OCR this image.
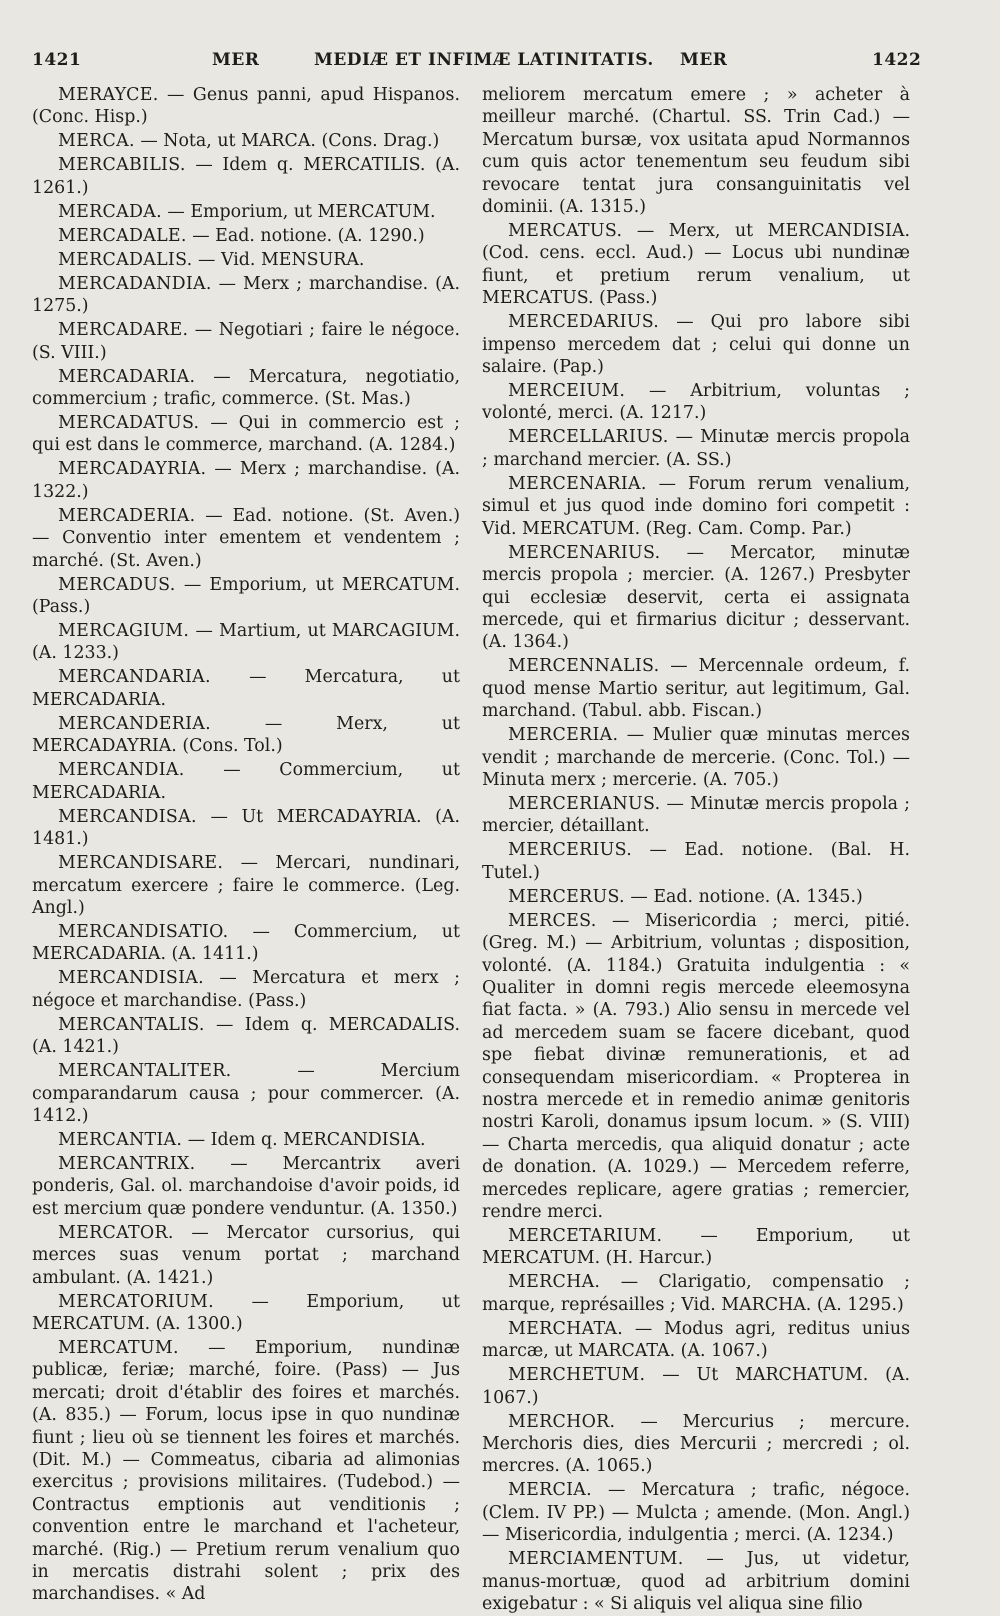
1421	MER	MEDIÆ ET INFIMÆ LATINITATIS. MER	1422

MERAYCE. — Genus panni, apud Hispanos. (Conc. Hisp.)

MERCA. — Nota, ut MARCA. (Cons. Drag.)

MERCABILIS. — Idem q. MERCATILIS. (A. 1261.)

MERCADA. — Emporium, ut MERCATUM.

MERCADALE. — Ead. notione. (A. 1290.)

MERCADALIS. — Vid. MENSURA.

MERCADANDIA. — Merx ; marchandise. (A. 1275.)

MERCADARE. — Negotiari ; faire le négoce. (S. VIII.)

MERCADARIA. — Mercatura, negotiatio, commercium ; trafic, commerce. (St. Mas.)

MERCADATUS. — Qui in commercio est ; qui est dans le commerce, marchand. (A. 1284.)

MERCADAYRIA. — Merx ; marchandise. (A. 1322.)

MERCADERIA. — Ead. notione. (St. Aven.) — Conventio inter ementem et vendentem ; marché. (St. Aven.)

MERCADUS. — Emporium, ut MERCATUM. (Pass.)

MERCAGIUM. — Martium, ut MARCAGIUM. (A. 1233.)

MERCANDARIA. — Mercatura, ut MERCADARIA.

MERCANDERIA.	— Merx, ut MERCADAYRIA. (Cons. Tol.)

MERCANDIA. — Commercium, ut MERCADARIA.

MERCANDISA. — Ut MERCADAYRIA. (A. 1481.)

MERCANDISARE. — Mercari, nundinari, mercatum exercere ; faire le commerce. (Leg. Angl.)

MERCANDISATIO. — Commercium, ut MERCADARIA. (A. 1411.)

MERCANDISIA. — Mercatura et merx ; négoce et marchandise. (Pass.)

MERCANTALIS. — Idem q. MERCADALIS. (A. 1421.)

MERCANTALITER.	— Mercium comparandarum causa ; pour commercer. (A. 1412.)

MERCANTIA. — Idem q. MERCANDISIA.

MERCANTRIX. — Mercantrix averi ponderis, Gal. ol. marchandoise d'avoir poids, id est mercium quæ pondere venduntur. (A. 1350.)

MERCATOR. — Mercator cursorius, qui merces suas venum portat ; marchand ambulant. (A. 1421.)

MERCATORIUM. — Emporium, ut MERCATUM. (A. 1300.)

MERCATUM. — Emporium, nundinæ publicæ, feriæ; marché, foire. (Pass) — Jus mercati; droit d'établir des foires et marchés. (A. 835.) — Forum, locus ipse in quo nundinæ fiunt ; lieu où se tiennent les foires et marchés. (Dit. M.) — Commeatus, cibaria ad alimonias exercitus ; provisions militaires. (Tudebod.) — Contractus emptionis aut venditionis ; convention entre le marchand et l'acheteur, marché. (Rig.) — Pretium rerum venalium quo in mercatis distrahi solent ; prix des marchandises. « Ad

meliorem mercatum emere ; » acheter à meilleur marché. (Chartul. SS. Trin Cad.) — Mercatum bursæ, vox usitata apud Normannos cum quis actor tenementum seu feudum sibi revocare tentat jura consanguinitatis vel dominii. (A. 1315.)

MERCATUS. — Merx, ut MERCANDISIA. (Cod. cens. eccl. Aud.) — Locus ubi nundinæ fiunt, et pretium rerum venalium, ut MERCATUS. (Pass.)

MERCEDARIUS. — Qui pro labore sibi impenso mercedem dat ; celui qui donne un salaire. (Pap.)

MERCEIUM. — Arbitrium, voluntas ; volonté, merci. (A. 1217.)

MERCELLARIUS. — Minutæ mercis propola ; marchand mercier. (A. SS.)

MERCENARIA. — Forum rerum venalium, simul et jus quod inde domino fori competit : Vid. MERCATUM. (Reg. Cam. Comp. Par.)

MERCENARIUS. — Mercator, minutæ mercis propola ; mercier. (A. 1267.) Presbyter qui ecclesiæ deservit, certa ei assignata mercede, qui et firmarius dicitur ; desservant. (A. 1364.)

MERCENNALIS. — Mercennale ordeum, f. quod mense Martio seritur, aut legitimum, Gal. marchand. (Tabul. abb. Fiscan.)

MERCERIA. — Mulier quæ minutas merces vendit ; marchande de mercerie. (Conc. Tol.) — Minuta merx ; mercerie. (A. 705.)

MERCERIANUS. — Minutæ mercis propola ; mercier, détaillant.

MERCERIUS. — Ead. notione. (Bal. H. Tutel.)

MERCERUS. — Ead. notione. (A. 1345.)

MERCES. — Misericordia ; merci, pitié. (Greg. M.) — Arbitrium, voluntas ; disposition, volonté. (A. 1184.) Gratuita indulgentia : « Qualiter in domni regis mercede eleemosyna fiat facta. » (A. 793.) Alio sensu in mercede vel ad mercedem suam se facere dicebant, quod spe fiebat divinæ remunerationis, et ad consequendam misericordiam. « Propterea in nostra mercede et in remedio animæ genitoris nostri Karoli, donamus ipsum locum. » (S. VIII) — Charta mercedis, qua aliquid donatur ; acte de donation. (A. 1029.) — Mercedem referre, mercedes replicare, agere gratias ; remercier, rendre merci.

MERCETARIUM. — Emporium, ut MERCATUM. (H. Harcur.)

MERCHA. — Clarigatio, compensatio ; marque, représailles ; Vid. MARCHA. (A. 1295.)

MERCHATA. — Modus agri, reditus unius marcæ, ut MARCATA. (A. 1067.)

MERCHETUM. — Ut MARCHATUM. (A. 1067.)

MERCHOR. — Mercurius ; mercure. Merchoris dies, dies Mercurii ; mercredi ; ol. mercres. (A. 1065.)

MERCIA. — Mercatura ; trafic, négoce. (Clem. IV PP.) — Mulcta ; amende. (Mon. Angl.) — Misericordia, indulgentia ; merci. (A. 1234.)

MERCIAMENTUM. — Jus, ut videtur, manus-mortuæ, quod ad arbitrium domini exigebatur : « Si aliquis vel aliqua sine filio
